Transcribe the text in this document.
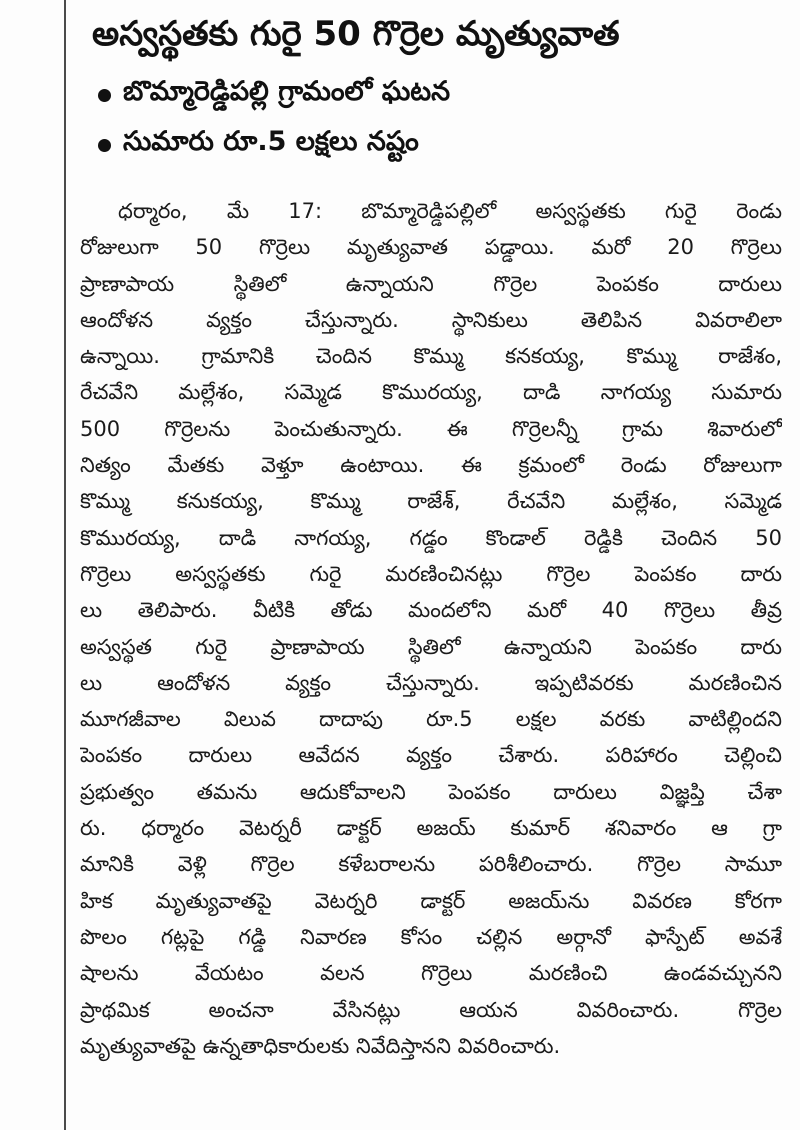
అస్వస్థతకు గురై 50 గొర్రెల మృత్యువాత
బొమ్మారెడ్డిపల్లి గ్రామంలో ఘటన
సుమారు రూ.5 లక్షలు నష్టం
ధర్మారం, మే 17: బొమ్మారెడ్డిపల్లిలో అస్వస్థతకు గురై రెండు
రోజులుగా 50 గొర్రెలు మృత్యువాత పడ్డాయి. మరో 20 గొర్రెలు
ప్రాణాపాయ స్థితిలో ఉన్నాయని గొర్రెల పెంపకం దారులు
ఆందోళన వ్యక్తం చేస్తున్నారు. స్థానికులు తెలిపిన వివరాలిలా
ఉన్నాయి. గ్రామానికి చెందిన కొమ్ము కనకయ్య, కొమ్ము రాజేశం,
రేచవేని మల్లేశం, సమ్మెడ కొమురయ్య, దాడి నాగయ్య సుమారు
500 గొర్రెలను పెంచుతున్నారు. ఈ గొర్రెలన్నీ గ్రామ శివారులో
నిత్యం మేతకు వెళ్తూ ఉంటాయి. ఈ క్రమంలో రెండు రోజులుగా
కొమ్ము కనుకయ్య, కొమ్ము రాజేశ్, రేచవేని మల్లేశం, సమ్మెడ
కొమురయ్య, దాడి నాగయ్య, గడ్డం కొండాల్ రెడ్డికి చెందిన 50
గొర్రెలు అస్వస్థతకు గురై మరణించినట్లు గొర్రెల పెంపకం దారు
లు తెలిపారు. వీటికి తోడు మందలోని మరో 40 గొర్రెలు తీవ్ర
అస్వస్థత గురై ప్రాణాపాయ స్థితిలో ఉన్నాయని పెంపకం దారు
లు ఆందోళన వ్యక్తం చేస్తున్నారు. ఇప్పటివరకు మరణించిన
మూగజీవాల విలువ దాదాపు రూ.5 లక్షల వరకు వాటిల్లిందని
పెంపకం దారులు ఆవేదన వ్యక్తం చేశారు. పరిహారం చెల్లించి
ప్రభుత్వం తమను ఆదుకోవాలని పెంపకం దారులు విజ్ఞప్తి చేశా
రు. ధర్మారం వెటర్నరీ డాక్టర్ అజయ్ కుమార్ శనివారం ఆ గ్రా
మానికి వెళ్లి గొర్రెల కళేబరాలను పరిశీలించారు. గొర్రెల సామూ
హిక మృత్యువాతపై వెటర్నరి డాక్టర్ అజయ్‌ను వివరణ కోరగా
పొలం గట్లపై గడ్డి నివారణ కోసం చల్లిన అర్గానో ఫాస్పేట్ అవశే
షాలను వేయటం వలన గొర్రెలు మరణించి ఉండవచ్చునని
ప్రాథమిక అంచనా వేసినట్లు ఆయన వివరించారు. గొర్రెల
మృత్యువాతపై ఉన్నతాధికారులకు నివేదిస్తానని వివరించారు.
